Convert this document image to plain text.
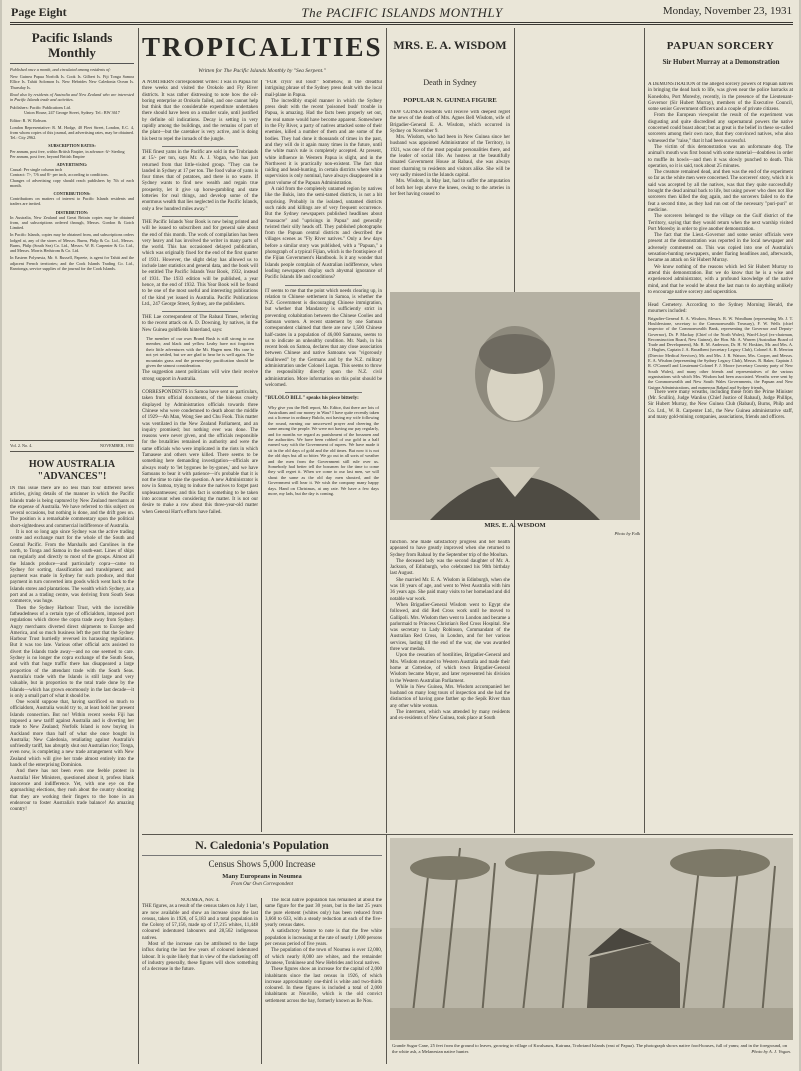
Page Eight	The PACIFIC ISLANDS MONTHLY	Monday, November 23, 1931
Pacific Islands Monthly
Published once a month, and circulated among residents of:
New Guinea Papua Norfolk Is. Cook Is. Gilbert Is. Fiji Tonga Samoa Ellice Is. Tahiti Solomon Is. New Hebrides New Caledonia Ocean Is. Thursday Is.
Read also by residents of Australia and New Zealand who are interested in Pacific Islands trade and activities.
Publishers: Pacific Publications Ltd.
Union House, 247 George Street, Sydney. Tel.: BW 3617
Editor: R. W. Robson.
London Representative: R. M. Hodge, 40 Fleet Street, London, E.C. 4, from whom copies of this journal, and advertising rates, may be obtained. Tel.: City 2962.
SUBSCRIPTION RATES:
Per annum, post free, within British Empire, in advance: 6/- Sterling
Per annum, post free, beyond British Empire
ADVERTISING:
Casual: Per single column inch
Contract: 7/-, 7/6 and 8/- per inch, according to conditions.
Changes of advertising copy should reach publishers by 7th of each month.
CONTRIBUTIONS:
Contributions on matters of interest to Pacific Islands residents and traders are invited.
DISTRIBUTION:
In Australia, New Zealand and Great Britain copies may be obtained from, and subscriptions ordered through, Messrs. Gordon & Gotch Limited.
In Pacific Islands, copies may be obtained from, and subscriptions orders lodged at, any of the stores of Messrs. Burns, Philp & Co. Ltd., Messrs. Burns, Philp (South Sea) Co. Ltd., Messrs. W. R. Carpenter & Co. Ltd., and Messrs. Morris Hedstrom & Co. Ltd.
In Eastern Polynesia, Mr. S. Russell, Papeete, is agent for Tahiti and the adjacent French territories; and the Cook Islands Trading Co. Ltd., Rarotonga, service supplies of the journal for the Cook Islands.
Vol. 2. No. 4.	NOVEMBER, 1931
HOW AUSTRALIA "ADVANCES"!
IN this issue there are no less than four different news articles, giving details of the manner in which the Pacific Islands trade is being captured by New Zealand merchants at the expense of Australia. We have referred to this subject on several occasions, but nothing is done, and the drift goes on. The position is a remarkable commentary upon the political short-sightedness and commercial indifference of Australia.
It is not so long ago since Sydney was the active trading centre and exchange mart for the whole of the South and Central Pacific. From the Marshalls and Carolines in the north, to Tonga and Samoa in the south-east. Lines of ships ran regularly and directly to most of the groups. Almost all the Islands produce—and particularly copra—came to Sydney for sorting, classification and transhipment; and payment was made in Sydney for such produce, and that payment in turn converted into goods which went back to the Islands stores and plantations. The wealth which Sydney, as a port and as a trading centre, was deriving from South Seas commerce, was huge.
Then the Sydney Harbour Trust, with the incredible fatheadedness of a certain type of officialdom, imposed port regulations which drove the copra trade away from Sydney. Angry merchants diverted direct shipments to Europe and America, and so much business left the port that the Sydney Harbour Trust hurriedly reversed its harassing regulations. But it was too late. Various other official acts assisted to divert the Islands trade away—and no one seemed to care. Sydney is no longer the copra exchange of the South Seas, and with that huge traffic there has disappeared a large proportion of the attendant trade with the South Seas. Australia's trade with the Islands is still large and very valuable, but in proportion to the total trade done by the Islands—which has grown enormously in the last decade—it is only a small part of what it should be.
One would suppose that, having sacrificed so much to officialdom, Australia would try to, at least hold her present Islands connection. But no! Within recent weeks Fiji has imposed a new tariff against Australia and is diverting her trade to New Zealand; Norfolk Island is now buying in Auckland more than half of what she once bought in Australia; New Caledonia, retaliating against Australia's unfriendly tariff, has abruptly shut out Australian rice; Tonga, even now, is completing a new trade arrangement with New Zealand which will give her trade almost entirely into the hands of the enterprising Dominion.
And there has not been even one feeble protest in Australia! Her Ministers, questioned about it, profess blank innocence and indifference. Yet, with one eye on the approaching elections, they rush about the country shouting that they are working their fingers to the bone in an endeavour to foster Australia's trade balance! An amazing country!
TROPICALITIES
Written for The Pacific Islands Monthly by "Sea Serpent."
A NORTHERN correspondent writes: I was in Papua for three weeks and visited the Orokolo and Fly River districts. It was rather distressing to note how the oil-boring enterprise at Orokolo failed, and one cannot help but think that the considerable expenditure undertaken there should have been on a smaller scale, until justified by definite oil indications. Decay is setting in very rapidly among the buildings, and the remains of part of the plant—but the caretaker is very active, and is doing his best to repel the inroads of the jungle.
THE finest yams in the Pacific are sold in the Trobriands at 15/- per ton, says Mr. A. J. Vogan, who has just returned from that little-visited group. "They can be landed in Sydney at 17 per ton. The food value of yams is four times that of potatoes, and there is no waste. If Sydney wants to find new wealth and regain true prosperity, let it give up horse-gambling and state lotteries for real things, and develop some of the enormous wealth that lies neglected in the Pacific Islands, only a few hundred miles away."
THE Pacific Islands Year Book is now being printed and will be issued to subscribers and for general sale about the end of this month. The work of compilation has been very heavy and has involved the writer in many parts of the world. This has occasioned delayed publication, which was originally fixed for the end of the first quarter of 1931. However, the slight delay has allowed us to include later statistics and general data, and the book will be entitled The Pacific Islands Year Book, 1932, instead of 1931. The 1933 edition will be published, a year hence, at the end of 1932. This Year Book will be found to be one of the most useful and interesting publications of the kind yet issued in Australia. Pacific Publications Ltd., 247 George Street, Sydney, are the publishers.
THE Lae correspondent of The Rabaul Times, referring to the recent attack on A. D. Downing, by natives, in the New Guinea goldfields hinterland, says:
The member of our own Brand Bush is still strong to our member, and black and yellow Leahy have not forgotten their little adventures with the Mt. Hagen men. His case is not yet settled, but we are glad to hear he is well again. The mountain grass and the present-day pacification should be given the utmost consideration.
The suggestion anent politicians will wire their receive strong support in Australia.
CORRESPONDENTS in Samoa have sent us particulars, taken from official documents, of the hideous cruelty displayed by Administration officials towards three Chinese who were condemned to death about the middle of 1929—Ah Man, Wong See and Chu Fook. This matter was ventilated in the New Zealand Parliament, and an inquiry promised; but nothing ever was done. The reasons were never given, and the officials responsible for the brutalities remained in authority and were the same officials who were implicated in the riots in which Tamasese and others were killed. There seems to be something here demanding investigation—officials are always ready to 'let bygones be by-gones,' and we have Samoans to bear it with patience—it's probable that it is not the time to raise the question. A new Administrator is now in Samoa, trying to induce the natives to forget past unpleasantnesses; and this fact is something to be taken into account when considering the matter. It is not our desire to make a row about this three-year-old matter when General Hart's efforts have failed.
"FUR cryin' out loud!" Somehow, in the dreadful intriguing phrase of the Sydney press dealt with the local mail-plane in Papua.
The incredibly stupid manner in which the Sydney press dealt with the recent 'poisoned bush' trouble in Papua, is amazing. Had the facts been properly set out, the real nature would have become apparent. Somewhere in the Fly River, a party of natives attacked some of their enemies, killed a number of them and ate some of the bodies. They had done it thousands of times in the past, and they will do it again many times in the future, until the white man's rule is completely accepted. At present, white influence in Western Papua is slight, and in the Northwest it is practically non-existent. The fact that raiding and head-hunting, in certain districts where white supervision is only nominal, have always disappeared in a great volume of the Papuan Administration.
A raid from the completely untamed region by natives like the Bukis, into the semi-tamed districts, is not a bit surprising. Probably in the isolated, untamed districts such raids and killings are of very frequent occurrence. But the Sydney newspapers published headlines about "massacre" and "uprisings in Papua" and generally twisted their silly heads off. They published photographs from the Papuan central districts and described the villages scenes as "Fly River natives." Only a few days before a similar story was published, with a "Papuan," a photograph of a typical Fijian, which is the frontispiece of the Fijian Government's Handbook. Is it any wonder that Islands people complain of Australian indifference, when leading newspapers display such abysmal ignorance of Pacific Islands life and conditions?
IT seems to me that the point which needs clearing up, in relation to Chinese settlement in Samoa, is whether the N.Z. Government is discouraging Chinese immigration, but whether that Mandatory is sufficiently strict in preventing cohabitation between the Chinese Coolies and Samoan women. A recent statement by one Samoan correspondent claimed that there are now 1,500 Chinese half-castes in a population of 46,000 Samoans, seems to us to indicate an unhealthy condition. Mr. Nash, in his recent book on Samoa, declares that any close association between Chinese and native Samoans was "vigorously disallowed" by the Germans and by the N.Z. military administration under Colonel Logan. This seems to throw the responsibility directly upon the N.Z. civil administration. More information on this point should be welcomed.
"BULOLO BILL" speaks his piece bitterly:
Why give you the Bell report, Mr. Editor, that there are lots of Australians and our money in Wau? I have quite recently taken out a license in ordinary Bulolo, not having my wife following the round, earning our unscrewed prayer and cheering the same among the people. We were not having our pay regularly, and for months we regard as punishment of the bossmen and the authorities. We have been robbed of our gold in a half earned way with the Government of rupees. We have made it sit in the old days of gold and the old times. But now it is not the old days but all so bitter. We go out in all sorts of weather and the men from the Government still rule over us. Somebody had better tell the bossmen for the time to come they will regret it. When we come to our last men, we will shout the same as the old day men shouted, and the Government will hear it. We wish the company many happy days. Hand on Christmas, at any rate. We have a few days more, my lads, but the day is coming.
MRS. E. A. WISDOM
Death in Sydney
POPULAR N. GUINEA FIGURE
NEW GUINEA residents will receive with deepest regret the news of the death of Mrs. Agnes Bell Wisdom, wife of Brigadier-General E. A. Wisdom, which occurred in Sydney on November 9.
Mrs. Wisdom, who had been in New Guinea since her husband was appointed Administrator of the Territory, in 1921, was one of the most popular personalities there, and the leader of social life. As hostess at the beautifully situated Government House at Rabaul, she was always most charming to residents and visitors alike. She will be very sadly missed in the Islands capital.
Mrs. Wisdom, in May last, had to suffer the amputation of both her legs above the knees, owing to the arteries in her feet having ceased to
MRS. E. A. WISDOM
Photo by Falk
function. She made satisfactory progress and her health appeared to have greatly improved when she returned to Sydney from Rabaul by the September trip of the Mooltan.
The deceased lady was the second daughter of Mr. A. Jackson, of Edinburgh, who celebrated his 90th birthday last August.
She married Mr. E. A. Wisdom in Edinburgh, when she was 18 years of age, and went to West Australia with him 36 years ago. She paid many visits to her homeland and did notable war work.
When Brigadier-General Wisdom went to Egypt she followed, and did Red Cross work until he moved to Gallipoli. Mrs. Wisdom then went to London and became a parlormaid to Princess Christian's Red Cross Hospital. She was secretary to Lady Robinson, Commandant of the Australian Red Cross, in London, and for her various services, lasting till the end of the war, she was awarded three war medals.
Upon the cessation of hostilities, Brigadier-General and Mrs. Wisdom returned to Western Australia and made their home at Cottesloe, of which town Brigadier-General Wisdom became Mayor, and later represented his division in the Western Australian Parliament.
While in New Guinea, Mrs. Wisdom accompanied her husband on many long tours of inspection and she had the distinction of having gone farther up the Sepik River than any other white woman.
The interment, which was attended by many residents and ex-residents of New Guinea, took place at South
PAPUAN SORCERY
Sir Hubert Murray at a Demonstration
A DEMONSTRATION of the alleged sorcery powers of Papuan natives in bringing the dead back to life, was given near the police barracks at Konedobu, Port Moresby, recently, in the presence of the Lieutenant-Governor (Sir Hubert Murray), members of the Executive Council, some senior Government officers and a couple of private citizens.
From the European viewpoint the result of the experiment was disgusting and quite discredited any supernatural powers the native concerned could boast about; but as great is the belief in these so-called sorcerers among their own race, that they convinced natives, who also witnessed the "raise," that it had been successful.
The victim of this demonstration was an unfortunate dog. The animal's mouth was first bound with some material—doubtless in order to muffle its howls—and then it was slowly punched to death. This operation, so it is said, took about 25 minutes.
The creature remained dead, and then was the end of the experiment so far as the white men were concerned. The sorcerers' story, which it is said was accepted by all the natives, was that they quite successfully brought the dead animal back to life, but using power who does not like sorcerers then killed the dog again, and the sorcerers failed to do the feat a second time, as they had run out of the necessary "puri-puri" or medicine.
The sorcerers belonged to the village on the Gulf district of the Territory, saying that they would return when the next warship visited Port Moresby in order to give another demonstration.
The fact that the Lieut.-Governor and some senior officials were present at the demonstration was reported in the local newspaper and adversely commented on. This was copied into one of Australia's sensation-hunting newspapers, under flaring headlines and, afterwards, became an attack on Sir Hubert Murray.
We know nothing of the reasons which led Sir Hubert Murray to attend this demonstration. But we do know that he is a wise and experienced administrator, with a profound knowledge of the native mind, and that he would be about the last man to do anything unlikely to encourage native sorcery and superstition.
Head Cemetery. According to the Sydney Morning Herald, the mourners included:
Brigadier-General E. A. Wisdom, Messrs. R. W. Wondham (representing Mr. J. T. Houlderstone, secretary to the Commonwealth Treasury), F. W. Wells (chief inspector of the Commonwealth Bank, representing the Governor and Deputy-Governor), Dr. P. Mackay (Chief of the North Wales), Ward-Lloyd (ex-chairman, Reconstruction Board, New Guinea), the Hon. Mr. A. Warren (Australian Board of Trade and Development), Mr. R. M. Anderson, Dr. H. W. Hoskins, Mr. and Mrs. A. J. Hughes, Captain J. A. Broadbent (secretary Legacy Club), Colonel A. R. Merrion (Director Medical Services), Mr. and Mrs. J. R. Watson, Mrs. Cooper, and Messrs. E. A. Wisdom (representing the Sydney Legacy Club), Messrs. R. Baker, Captain J. R. O'Connell and Lieutenant-Colonel F. J. Moore (secretary Country party of New South Wales), and many other friends and representatives of the various organisations with which Mrs. Wisdom had been associated. Wreaths were sent by the Commonwealth and New South Wales Governments, the Papuan and New Guinea Administrations, and numerous Rabaul and Sydney friends.
There were many wreaths, including those from the Prime Minister (Mr. Scullin), Judge Wanliss (Chief Justice of Rabaul), Judge Phillips, Sir Hubert Murray, the New Guinea Club (Rabaul), Burns, Philp and Co. Ltd., W. R. Carpenter Ltd., the New Guinea administrative staff, and many gold-mining companies, associations, friends and officers.
N. Caledonia's Population
Census Shows 5,000 Increase
Many Europeans in Noumea
From Our Own Correspondent
NOUMEA, Nov. 4.
THE figures, as a result of the census taken on July 1 last, are now available and show an increase since the last census, taken in 1926, of 5,183 and a total population in the Colony of 57,156, made up of 17,215 whites, 11,448 coloured indentured labourers and 28,562 indigenous natives.
Most of the increase can be attributed to the large influx during the last few years of coloured indentured labour. It is quite likely that in view of the slackening off of industry generally, these figures will show something of a decrease in the future.
The local native population has remained at about the same figure for the past 30 years, but in the last 25 years the pure element (whites only) has been reduced from 3,660 to 633, with a steady reduction at each of the five-yearly census dates.
A satisfactory feature to note is that the free white population is increasing at the rate of nearly 1,000 persons per census period of five years.
The population of the town of Noumea is over 12,000, of which nearly 8,000 are whites, and the remainder Javanese, Tonkinese and New Hebrides and local natives.
These figures show an increase for the capital of 2,000 inhabitants since the last census in 1926, of which increase approximately one-third is white and two-thirds coloured. In these figures is included a total of 2,000 inhabitants at Nouville, which is the old convict settlement across the bay, formerly known as Ile Nou.
Grande Sugar Cane, 25 feet from the ground to leaves, growing in village of Kwalsauru, Kairuna, Trobriand Islands (east of Papua). The photograph shows native food-houses, full of yams; and in the foreground, on the white ash, a Melanesian native hunter.	Photo by A. J. Vogan.
